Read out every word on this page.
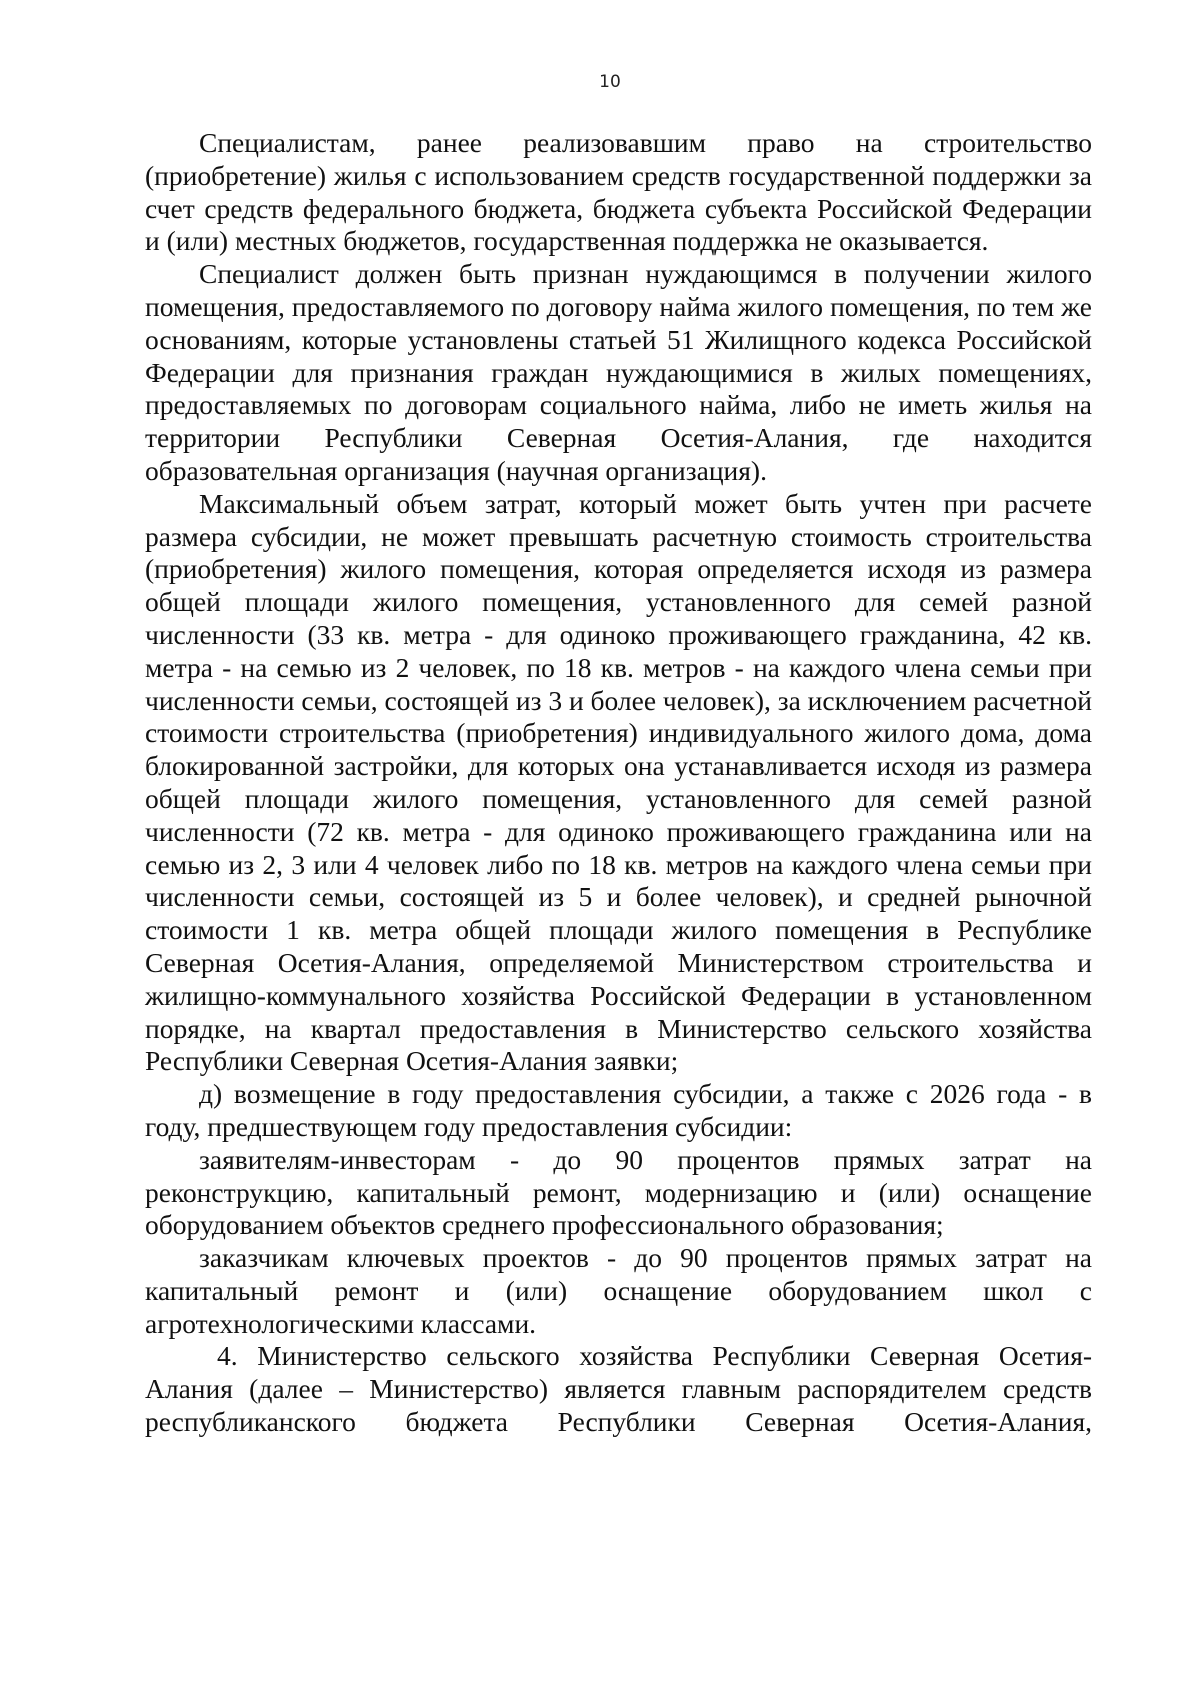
10

Специалистам, ранее реализовавшим право на строительство (приобретение) жилья с использованием средств государственной поддержки за счет средств федерального бюджета, бюджета субъекта Российской Федерации и (или) местных бюджетов, государственная поддержка не оказывается.

Специалист должен быть признан нуждающимся в получении жилого помещения, предоставляемого по договору найма жилого помещения, по тем же основаниям, которые установлены статьей 51 Жилищного кодекса Российской Федерации для признания граждан нуждающимися в жилых помещениях, предоставляемых по договорам социального найма, либо не иметь жилья на территории Республики Северная Осетия-Алания, где находится образовательная организация (научная организация).

Максимальный объем затрат, который может быть учтен при расчете размера субсидии, не может превышать расчетную стоимость строительства (приобретения) жилого помещения, которая определяется исходя из размера общей площади жилого помещения, установленного для семей разной численности (33 кв. метра - для одиноко проживающего гражданина, 42 кв. метра - на семью из 2 человек, по 18 кв. метров - на каждого члена семьи при численности семьи, состоящей из 3 и более человек), за исключением расчетной стоимости строительства (приобретения) индивидуального жилого дома, дома блокированной застройки, для которых она устанавливается исходя из размера общей площади жилого помещения, установленного для семей разной численности (72 кв. метра - для одиноко проживающего гражданина или на семью из 2, 3 или 4 человек либо по 18 кв. метров на каждого члена семьи при численности семьи, состоящей из 5 и более человек), и средней рыночной стоимости 1 кв. метра общей площади жилого помещения в Республике Северная Осетия-Алания, определяемой Министерством строительства и жилищно-коммунального хозяйства Российской Федерации в установленном порядке, на квартал предоставления в Министерство сельского хозяйства Республики Северная Осетия-Алания заявки;

д) возмещение в году предоставления субсидии, а также с 2026 года - в году, предшествующем году предоставления субсидии:

заявителям-инвесторам - до 90 процентов прямых затрат на реконструкцию, капитальный ремонт, модернизацию и (или) оснащение оборудованием объектов среднего профессионального образования;

заказчикам ключевых проектов - до 90 процентов прямых затрат на капитальный ремонт и (или) оснащение оборудованием школ с агротехнологическими классами.

4. Министерство сельского хозяйства Республики Северная Осетия-Алания (далее – Министерство) является главным распорядителем средств республиканского бюджета Республики Северная Осетия-Алания,
